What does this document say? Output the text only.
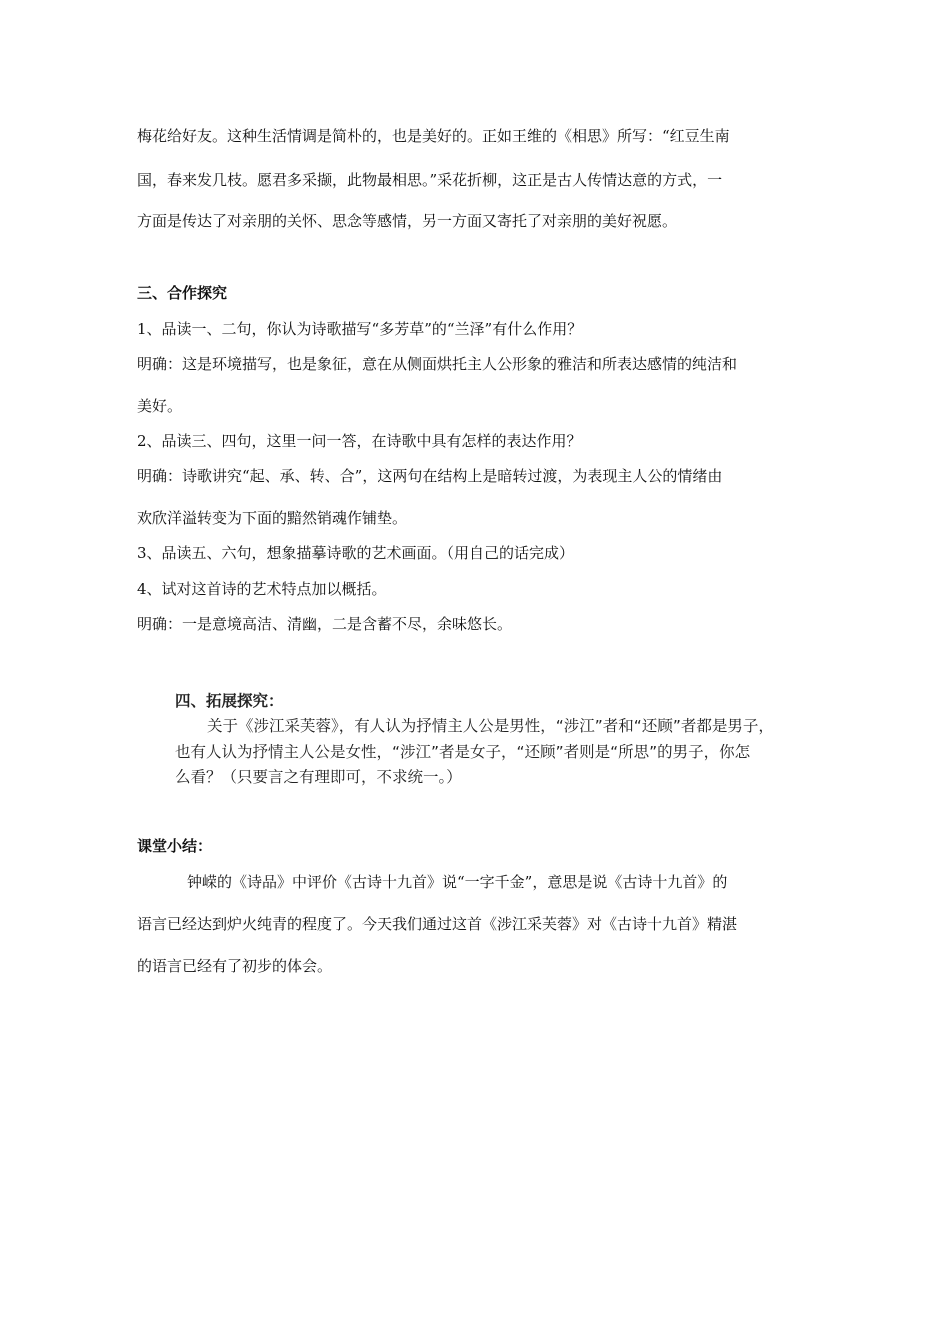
梅花给好友。这种生活情调是简朴的，也是美好的。正如王维的《相思》所写：“红豆生南
国，春来发几枝。愿君多采撷，此物最相思。”采花折柳，这正是古人传情达意的方式，一
方面是传达了对亲朋的关怀、思念等感情，另一方面又寄托了对亲朋的美好祝愿。
三、合作探究
1、品读一、二句，你认为诗歌描写“多芳草”的“兰泽”有什么作用？
明确：这是环境描写，也是象征，意在从侧面烘托主人公形象的雅洁和所表达感情的纯洁和
美好。
2、品读三、四句，这里一问一答，在诗歌中具有怎样的表达作用？
明确：诗歌讲究“起、承、转、合”，这两句在结构上是暗转过渡，为表现主人公的情绪由
欢欣洋溢转变为下面的黯然销魂作铺垫。
3、品读五、六句，想象描摹诗歌的艺术画面。（用自己的话完成）
4、试对这首诗的艺术特点加以概括。
明确：一是意境高洁、清幽，二是含蓄不尽，余味悠长。
四、拓展探究：
关于《涉江采芙蓉》，有人认为抒情主人公是男性，“涉江”者和“还顾”者都是男子，
也有人认为抒情主人公是女性，“涉江”者是女子，“还顾”者则是“所思”的男子，你怎
么看？（只要言之有理即可，不求统一。）
课堂小结：
钟嵘的《诗品》中评价《古诗十九首》说“一字千金”，意思是说《古诗十九首》的
语言已经达到炉火纯青的程度了。今天我们通过这首《涉江采芙蓉》对《古诗十九首》精湛
的语言已经有了初步的体会。
